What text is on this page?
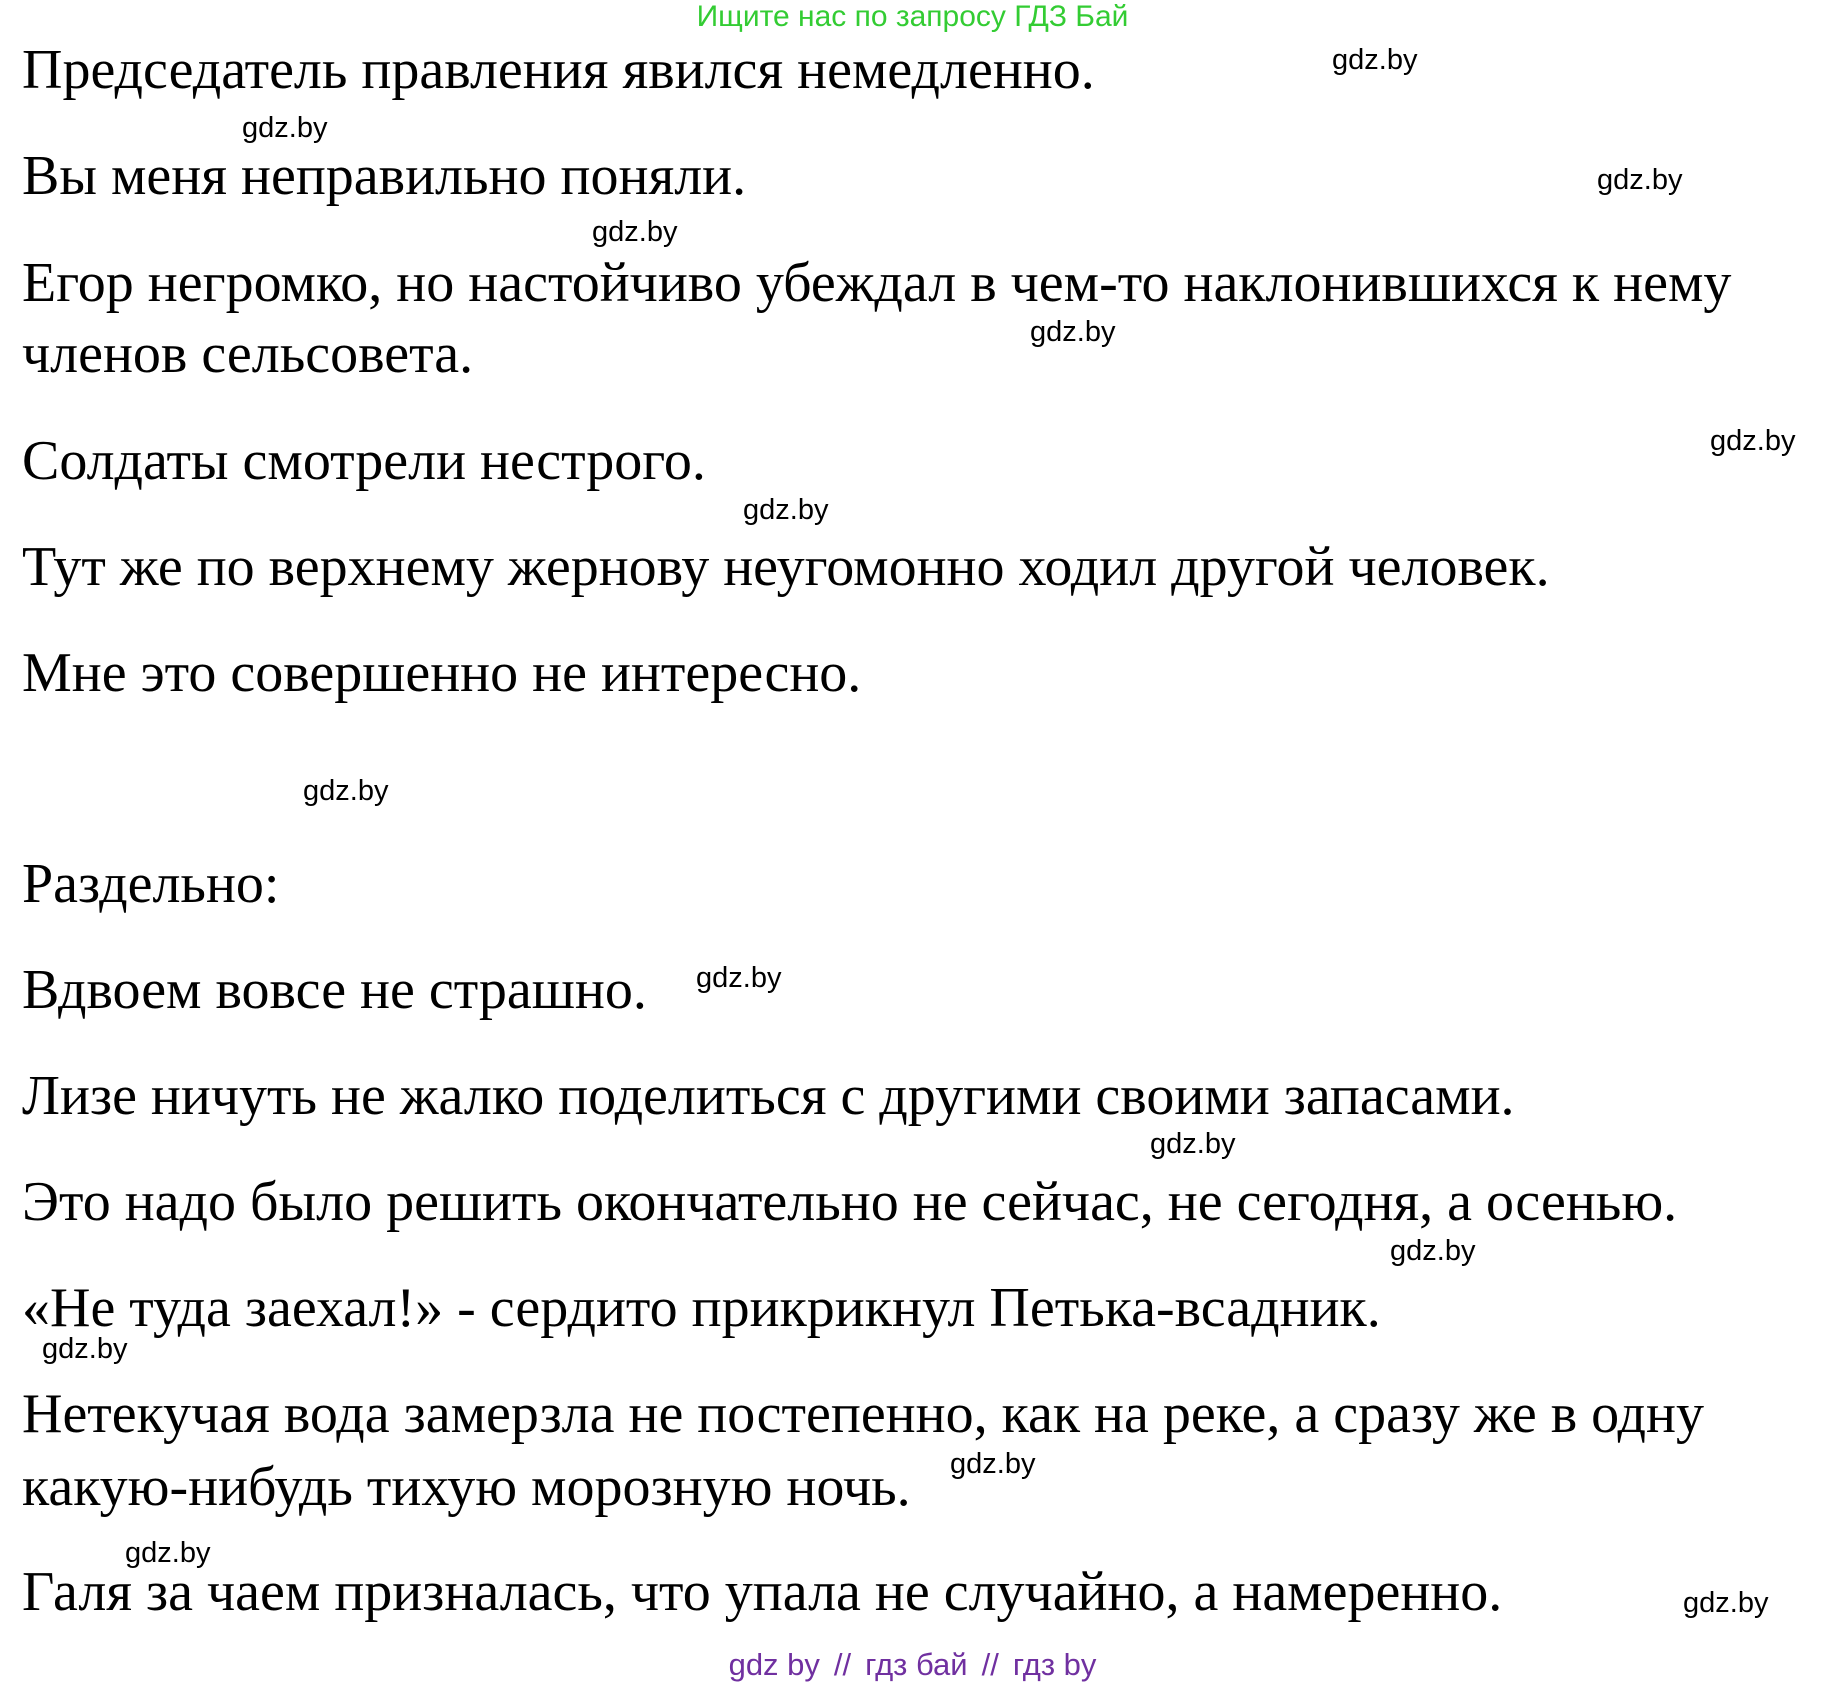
Ищите нас по запросу ГДЗ Бай
Председатель правления явился немедленно.
Вы меня неправильно поняли.
Егор негромко, но настойчиво убеждал в чем-то наклонившихся к нему
членов сельсовета.
Солдаты смотрели нестрого.
Тут же по верхнему жернову неугомонно ходил другой человек.
Мне это совершенно не интересно.
Раздельно:
Вдвоем вовсе не страшно.
Лизе ничуть не жалко поделиться с другими своими запасами.
Это надо было решить окончательно не сейчас, не сегодня, а осенью.
«Не туда заехал!» - сердито прикрикнул Петька-всадник.
Нетекучая вода замерзла не постепенно, как на реке, а сразу же в одну
какую-нибудь тихую морозную ночь.
Галя за чаем призналась, что упала не случайно, а намеренно.
gdz.by
gdz.by
gdz.by
gdz.by
gdz.by
gdz.by
gdz.by
gdz.by
gdz.by
gdz.by
gdz.by
gdz.by
gdz.by
gdz.by
gdz.by
gdz by // гдз бай // гдз by
